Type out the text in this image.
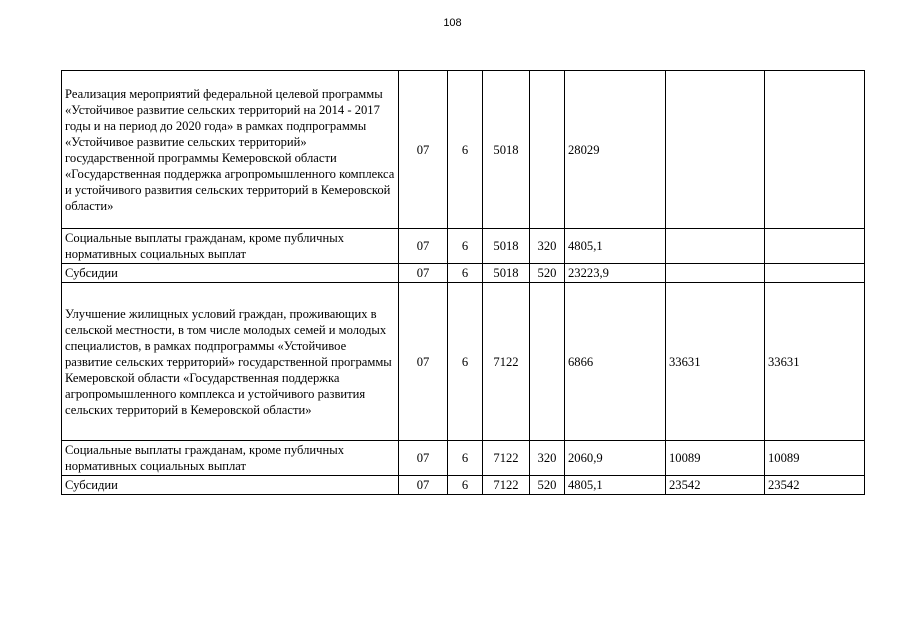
108
Реализация мероприятий федеральной целевой программы «Устойчивое развитие сельских территорий на 2014 - 2017 годы и на период до 2020 года» в рамках подпрограммы «Устойчивое развитие сельских территорий» государственной программы Кемеровской области «Государственная поддержка агропромышленного комплекса и устойчивого развития сельских территорий в Кемеровской области»	07	6	5018		28029		
Социальные выплаты гражданам, кроме публичных нормативных социальных выплат	07	6	5018	320	4805,1		
Субсидии	07	6	5018	520	23223,9		
Улучшение жилищных условий граждан, проживающих в сельской местности, в том числе молодых семей и молодых специалистов, в рамках подпрограммы «Устойчивое развитие сельских территорий» государственной программы Кемеровской области «Государственная поддержка агропромышленного комплекса и устойчивого развития сельских территорий в Кемеровской области»	07	6	7122		6866	33631	33631
Социальные выплаты гражданам, кроме публичных нормативных социальных выплат	07	6	7122	320	2060,9	10089	10089
Субсидии	07	6	7122	520	4805,1	23542	23542
